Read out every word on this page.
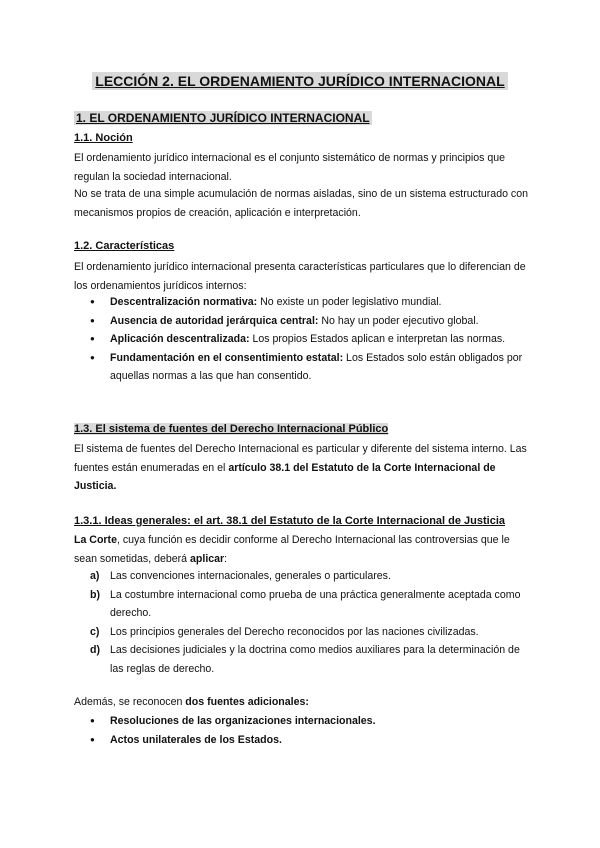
LECCIÓN 2. EL ORDENAMIENTO JURÍDICO INTERNACIONAL
1. EL ORDENAMIENTO JURÍDICO INTERNACIONAL
1.1. Noción
El ordenamiento jurídico internacional es el conjunto sistemático de normas y principios que regulan la sociedad internacional.
No se trata de una simple acumulación de normas aisladas, sino de un sistema estructurado con mecanismos propios de creación, aplicación e interpretación.
1.2. Características
El ordenamiento jurídico internacional presenta características particulares que lo diferencian de los ordenamientos jurídicos internos:
● Descentralización normativa: No existe un poder legislativo mundial.
● Ausencia de autoridad jerárquica central: No hay un poder ejecutivo global.
● Aplicación descentralizada: Los propios Estados aplican e interpretan las normas.
● Fundamentación en el consentimiento estatal: Los Estados solo están obligados por aquellas normas a las que han consentido.
1.3. El sistema de fuentes del Derecho Internacional Público
El sistema de fuentes del Derecho Internacional es particular y diferente del sistema interno. Las fuentes están enumeradas en el artículo 38.1 del Estatuto de la Corte Internacional de Justicia.
1.3.1. Ideas generales: el art. 38.1 del Estatuto de la Corte Internacional de Justicia
La Corte, cuya función es decidir conforme al Derecho Internacional las controversias que le sean sometidas, deberá aplicar:
a) Las convenciones internacionales, generales o particulares.
b) La costumbre internacional como prueba de una práctica generalmente aceptada como derecho.
c) Los principios generales del Derecho reconocidos por las naciones civilizadas.
d) Las decisiones judiciales y la doctrina como medios auxiliares para la determinación de las reglas de derecho.
Además, se reconocen dos fuentes adicionales:
● Resoluciones de las organizaciones internacionales.
● Actos unilaterales de los Estados.
